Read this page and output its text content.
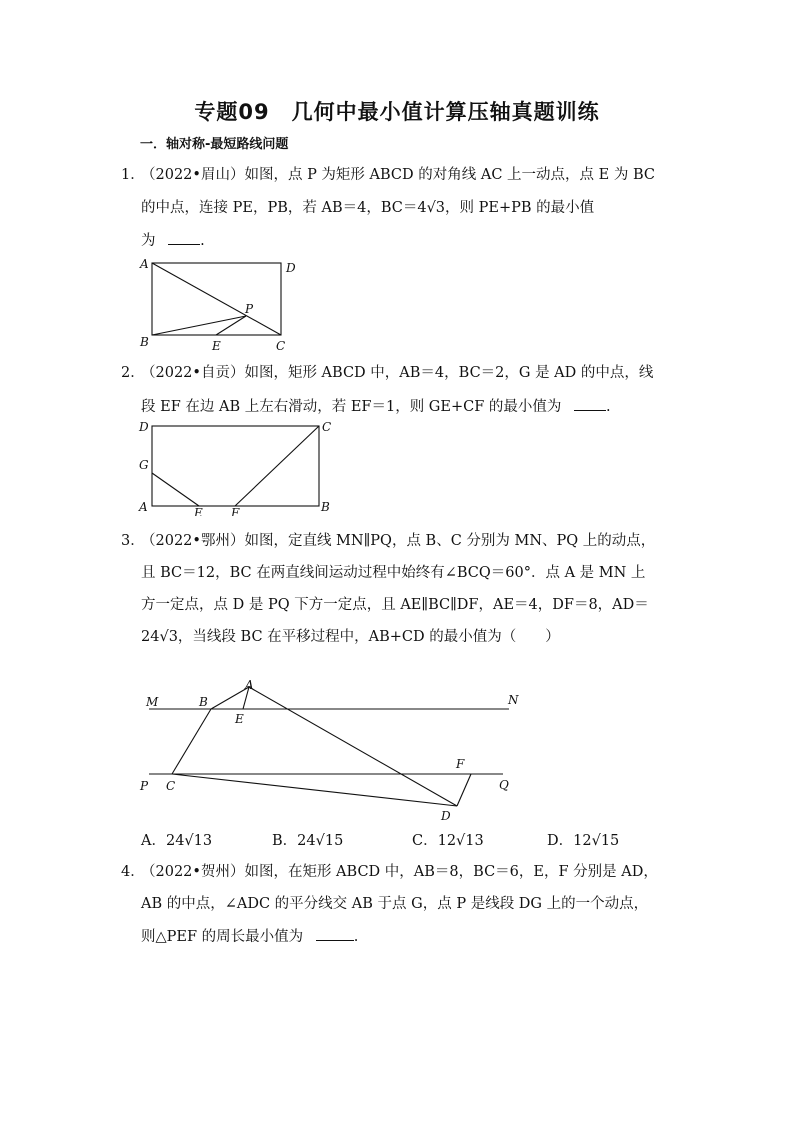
专题09　几何中最小值计算压轴真题训练
一．轴对称-最短路线问题
1．
（2022•眉山）如图，点 P 为矩形 ABCD 的对角线 AC 上一动点，点 E 为 BC
的中点，连接 PE，PB，若 AB＝4，BC＝4√3，则 PE+PB 的最小值
为	.
A	D
B	C
E
P
2．
（2022•自贡）如图，矩形 ABCD 中，AB＝4，BC＝2，G 是 AD 的中点，线
段 EF 在边 AB 上左右滑动，若 EF＝1，则 GE+CF 的最小值为	.
D	C
G
A	B
E F
3．
（2022•鄂州）如图，定直线 MN∥PQ，点 B、C 分别为 MN、PQ 上的动点，
且 BC＝12，BC 在两直线间运动过程中始终有∠BCQ＝60°．点 A 是 MN 上
方一定点，点 D 是 PQ 下方一定点，且 AE∥BC∥DF，AE＝4，DF＝8，AD＝
24√3，当线段 BC 在平移过程中，AB+CD 的最小值为（　　）
M	N
B
A
E
P C
F
Q
D
A．24√13	B．24√15	C．12√13	D．12√15
4．
（2022•贺州）如图，在矩形 ABCD 中，AB＝8，BC＝6，E，F 分别是 AD，
AB 的中点，∠ADC 的平分线交 AB 于点 G，点 P 是线段 DG 上的一个动点，
则△PEF 的周长最小值为	.
